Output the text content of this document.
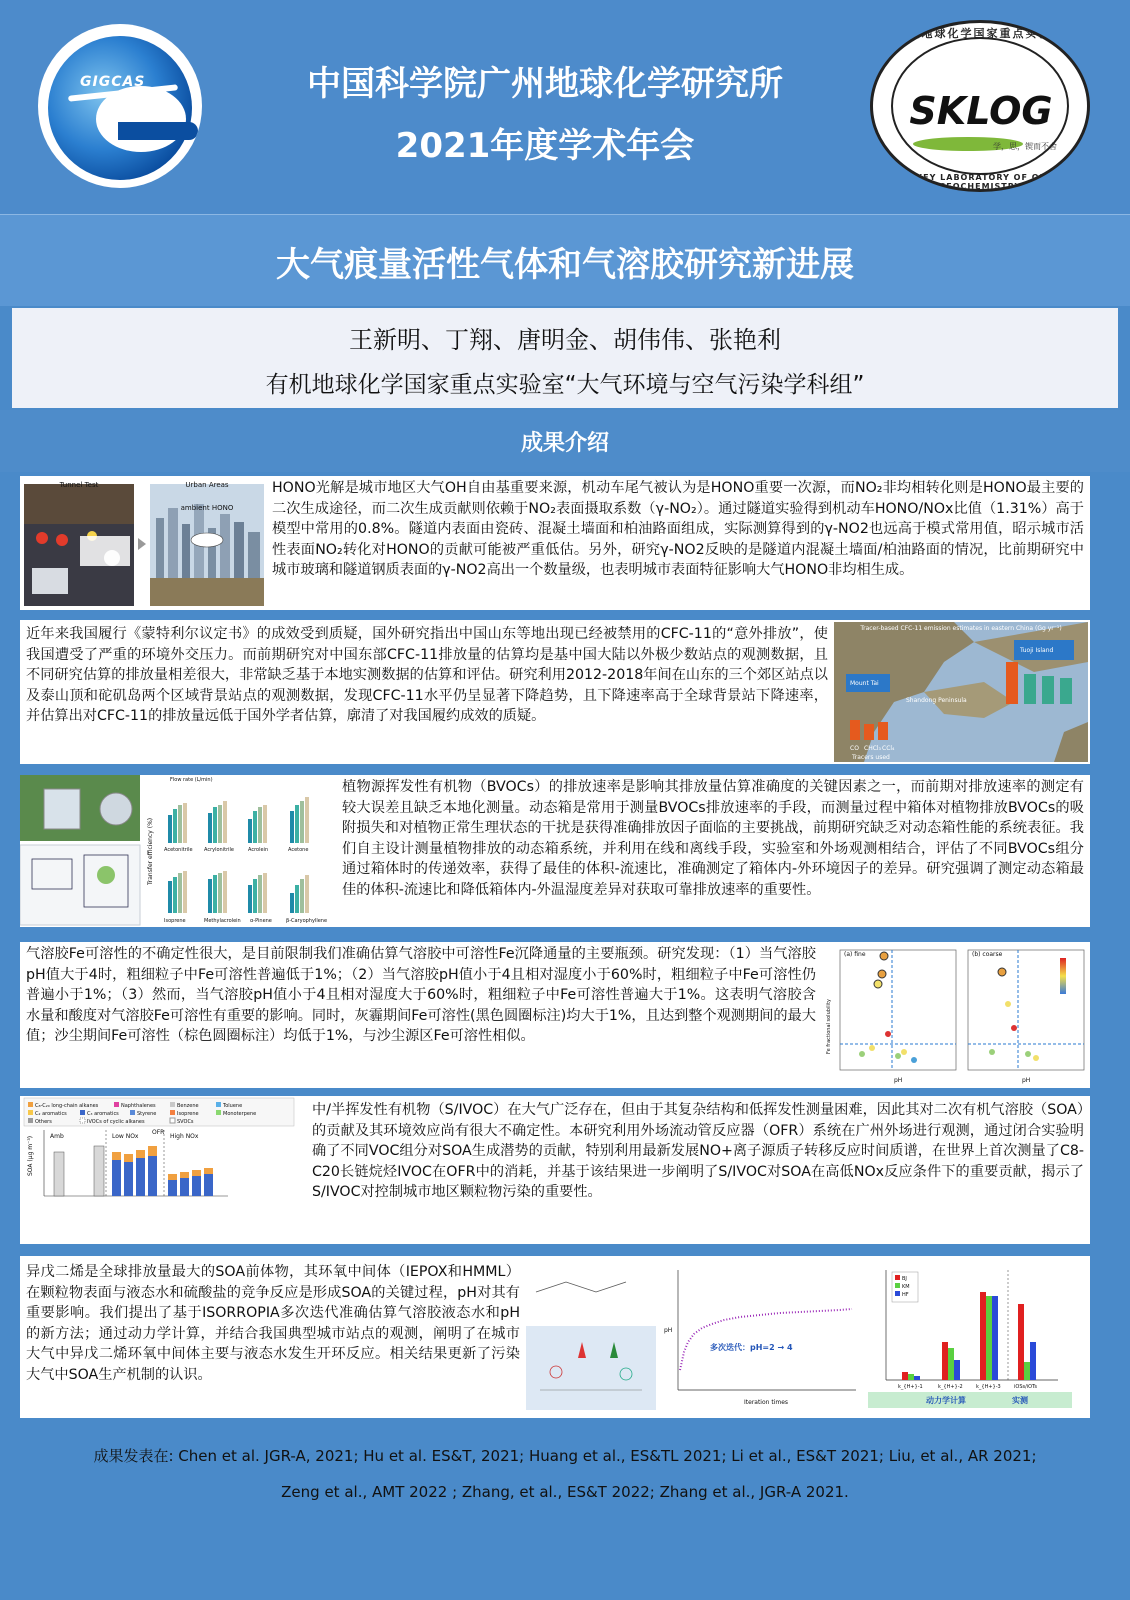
GIGCAS	中国科学院广州地球化学研究所
2021年度学术年会
有机地球化学国家重点实验室
STATE KEY LABORATORY OF ORGANIC GEOCHEMISTRY
SKLOG
学，思，锲而不舍
大气痕量活性气体和气溶胶研究新进展
王新明、丁翔、唐明金、胡伟伟、张艳利
有机地球化学国家重点实验室“大气环境与空气污染学科组”
成果介绍
Tunnel Test
ambient HONO
Urban Areas	HONO光解是城市地区大气OH自由基重要来源，机动车尾气被认为是HONO重要一次源，而NO₂非均相转化则是HONO最主要的二次生成途径，而二次生成贡献则依赖于NO₂表面摄取系数（γ-NO₂）。通过隧道实验得到机动车HONO/NOx比值（1.31%）高于模型中常用的0.8%。隧道内表面由瓷砖、混凝土墙面和柏油路面组成，实际测算得到的γ-NO2也远高于模式常用值，昭示城市活性表面NO₂转化对HONO的贡献可能被严重低估。另外，研究γ-NO2反映的是隧道内混凝土墙面/柏油路面的情况，比前期研究中城市玻璃和隧道钢质表面的γ-NO2高出一个数量级，也表明城市表面特征影响大气HONO非均相生成。
近年来我国履行《蒙特利尔议定书》的成效受到质疑，国外研究指出中国山东等地出现已经被禁用的CFC-11的“意外排放”，使我国遭受了严重的环境外交压力。而前期研究对中国东部CFC-11排放量的估算均是基中国大陆以外极少数站点的观测数据，且不同研究估算的排放量相差很大，非常缺乏基于本地实测数据的估算和评估。研究利用2012-2018年间在山东的三个郊区站点以及泰山顶和砣矶岛两个区域背景站点的观测数据，发现CFC-11水平仍呈显著下降趋势，且下降速率高于全球背景站下降速率，并估算出对CFC-11的排放量远低于国外学者估算，廓清了对我国履约成效的质疑。
Tracer-based CFC-11 emission estimates in eastern China (Gg yr⁻¹)
Mount Tai
Tuoji Island
Shandong Peninsula
CO CHCl₃ CCl₄
Tracers used
Transfer efficiency (%)
Flow rate (L/min)
Acetonitrile Acrylonitrile	Acrolein	Acetone
Isoprene	Methylacrolein α-Pinene	β-Caryophyllene
植物源挥发性有机物（BVOCs）的排放速率是影响其排放量估算准确度的关键因素之一，而前期对排放速率的测定有较大误差且缺乏本地化测量。动态箱是常用于测量BVOCs排放速率的手段，而测量过程中箱体对植物排放BVOCs的吸附损失和对植物正常生理状态的干扰是获得准确排放因子面临的主要挑战，前期研究缺乏对动态箱性能的系统表征。我们自主设计测量植物排放的动态箱系统，并利用在线和离线手段，实验室和外场观测相结合，评估了不同BVOCs组分通过箱体时的传递效率，获得了最佳的体积-流速比，准确测定了箱体内-外环境因子的差异。研究强调了测定动态箱最佳的体积-流速比和降低箱体内-外温湿度差异对获取可靠排放速率的重要性。
气溶胶Fe可溶性的不确定性很大，是目前限制我们准确估算气溶胶中可溶性Fe沉降通量的主要瓶颈。研究发现：（1）当气溶胶pH值大于4时，粗细粒子中Fe可溶性普遍低于1%；（2）当气溶胶pH值小于4且相对湿度小于60%时，粗细粒子中Fe可溶性仍普遍小于1%；（3）然而，当气溶胶pH值小于4且相对湿度大于60%时，粗细粒子中Fe可溶性普遍大于1%。这表明气溶胶含水量和酸度对气溶胶Fe可溶性有重要的影响。同时，灰霾期间Fe可溶性(黑色圆圈标注)均大于1%，且达到整个观测期间的最大值；沙尘期间Fe可溶性（棕色圆圈标注）均低于1%，与沙尘源区Fe可溶性相似。
(a) fine	(b) coarse
pH	pH
Fe fractional solubility
C₈-C₂₀ long-chain alkanes	Naphthalenes	Benzene	Toluene
C₂ aromatics	C₃ aromatics	Styrene	Isoprene	Monoterpene
Others	IVOCs of cyclic alkanes	SVOCs
SOA (μg m⁻³)	Amb	Low NOx
OFR
High NOx
中/半挥发性有机物（S/IVOC）在大气广泛存在，但由于其复杂结构和低挥发性测量困难，因此其对二次有机气溶胶（SOA）的贡献及其环境效应尚有很大不确定性。本研究利用外场流动管反应器（OFR）系统在广州外场进行观测，通过闭合实验明确了不同VOC组分对SOA生成潜势的贡献，特别利用最新发展NO+离子源质子转移反应时间质谱，在世界上首次测量了C8-C20长链烷烃IVOC在OFR中的消耗，并基于该结果进一步阐明了S/IVOC对SOA在高低NOx反应条件下的重要贡献，揭示了S/IVOC对控制城市地区颗粒物污染的重要性。
异戊二烯是全球排放量最大的SOA前体物，其环氧中间体（IEPOX和HMML）在颗粒物表面与液态水和硫酸盐的竞争反应是形成SOA的关键过程，pH对其有重要影响。我们提出了基于ISORROPIA多次迭代准确估算气溶胶液态水和pH的新方法；通过动力学计算，并结合我国典型城市站点的观测，阐明了在城市大气中异戊二烯环氧中间体主要与液态水发生开环反应。相关结果更新了污染大气中SOA生产机制的认识。
多次迭代：pH=2 → 4
Iteration times
pH
BJ
KM
HF
k_{H+}-1	k_{H+}-2	k_{H+}-3	iOSs/iOTs
动力学计算	实测
成果发表在: Chen et al. JGR-A, 2021; Hu et al. ES&T, 2021; Huang et al., ES&TL 2021; Li et al., ES&T 2021; Liu, et al., AR 2021;
Zeng et al., AMT 2022 ; Zhang, et al., ES&T 2022; Zhang et al., JGR-A 2021.
